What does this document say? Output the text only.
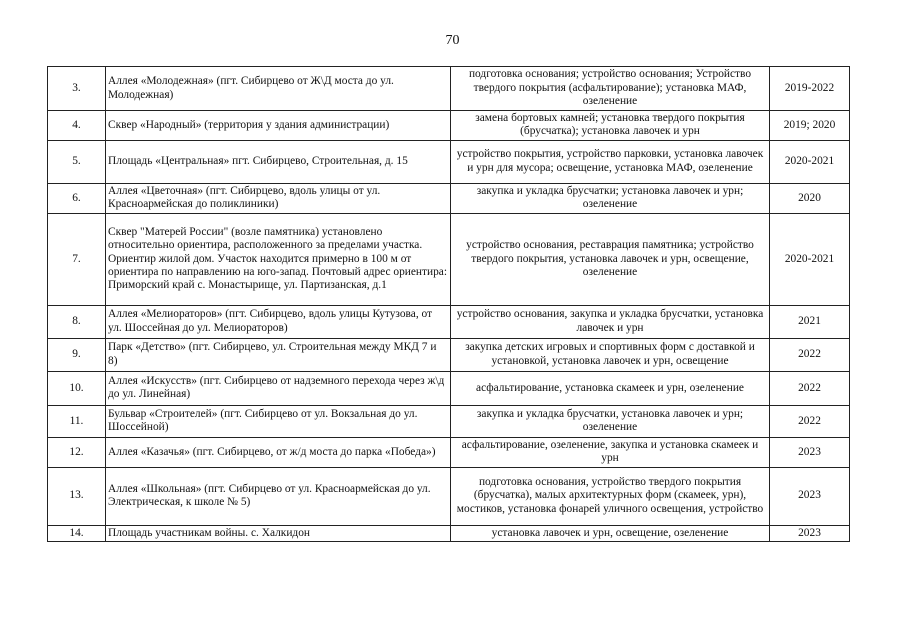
70
3.	Аллея «Молодежная» (пгт. Сибирцево от Ж\Д моста до ул. Молодежная)	подготовка основания; устройство основания; Устройство твердого покрытия (асфальтирование); установка МАФ, озеленение	2019-2022
4.	Сквер «Народный» (территория у здания администрации)	замена бортовых камней; установка твердого покрытия (брусчатка); установка лавочек и урн	2019; 2020
5.	Площадь «Центральная» пгт. Сибирцево, Строительная, д. 15	устройство покрытия, устройство парковки, установка лавочек и урн для мусора; освещение, установка МАФ, озеленение	2020-2021
6.	Аллея «Цветочная» (пгт. Сибирцево, вдоль улицы от ул. Красноармейская до поликлиники)	закупка и укладка брусчатки; установка лавочек и урн; озеленение	2020
7.	Сквер "Матерей России" (возле памятника) установлено относительно ориентира, расположенного за пределами участка. Ориентир жилой дом. Участок находится примерно в 100 м от ориентира по направлению на юго-запад. Почтовый адрес ориентира: Приморский край с. Монастырище, ул. Партизанская, д.1	устройство основания, реставрация памятника; устройство твердого покрытия, установка лавочек и урн, освещение, озеленение	2020-2021
8.	Аллея «Мелиораторов» (пгт. Сибирцево, вдоль улицы Кутузова, от ул. Шоссейная до ул. Мелиораторов)	устройство основания, закупка и укладка брусчатки, установка лавочек и урн	2021
9.	Парк «Детство» (пгт. Сибирцево, ул. Строительная между МКД 7 и 8)	закупка детских игровых и спортивных форм с доставкой и установкой, установка лавочек и урн, освещение	2022
10.	Аллея «Искусств» (пгт. Сибирцево от надземного перехода через ж\д до ул. Линейная)	асфальтирование, установка скамеек и урн, озеленение	2022
11.	Бульвар «Строителей» (пгт. Сибирцево от ул. Вокзальная до ул. Шоссейной)	закупка и укладка брусчатки, установка лавочек и урн; озеленение	2022
12.	Аллея «Казачья» (пгт. Сибирцево, от ж/д моста до парка «Победа»)	асфальтирование, озеленение, закупка и установка скамеек и урн	2023
13.	Аллея «Школьная» (пгт. Сибирцево от ул. Красноармейская до ул. Электрическая, к школе № 5)	подготовка основания, устройство твердого покрытия (брусчатка), малых архитектурных форм (скамеек, урн), мостиков, установка фонарей уличного освещения, устройство	2023
14.	Площадь участникам войны. с. Халкидон	установка лавочек и урн, освещение, озеленение	2023
